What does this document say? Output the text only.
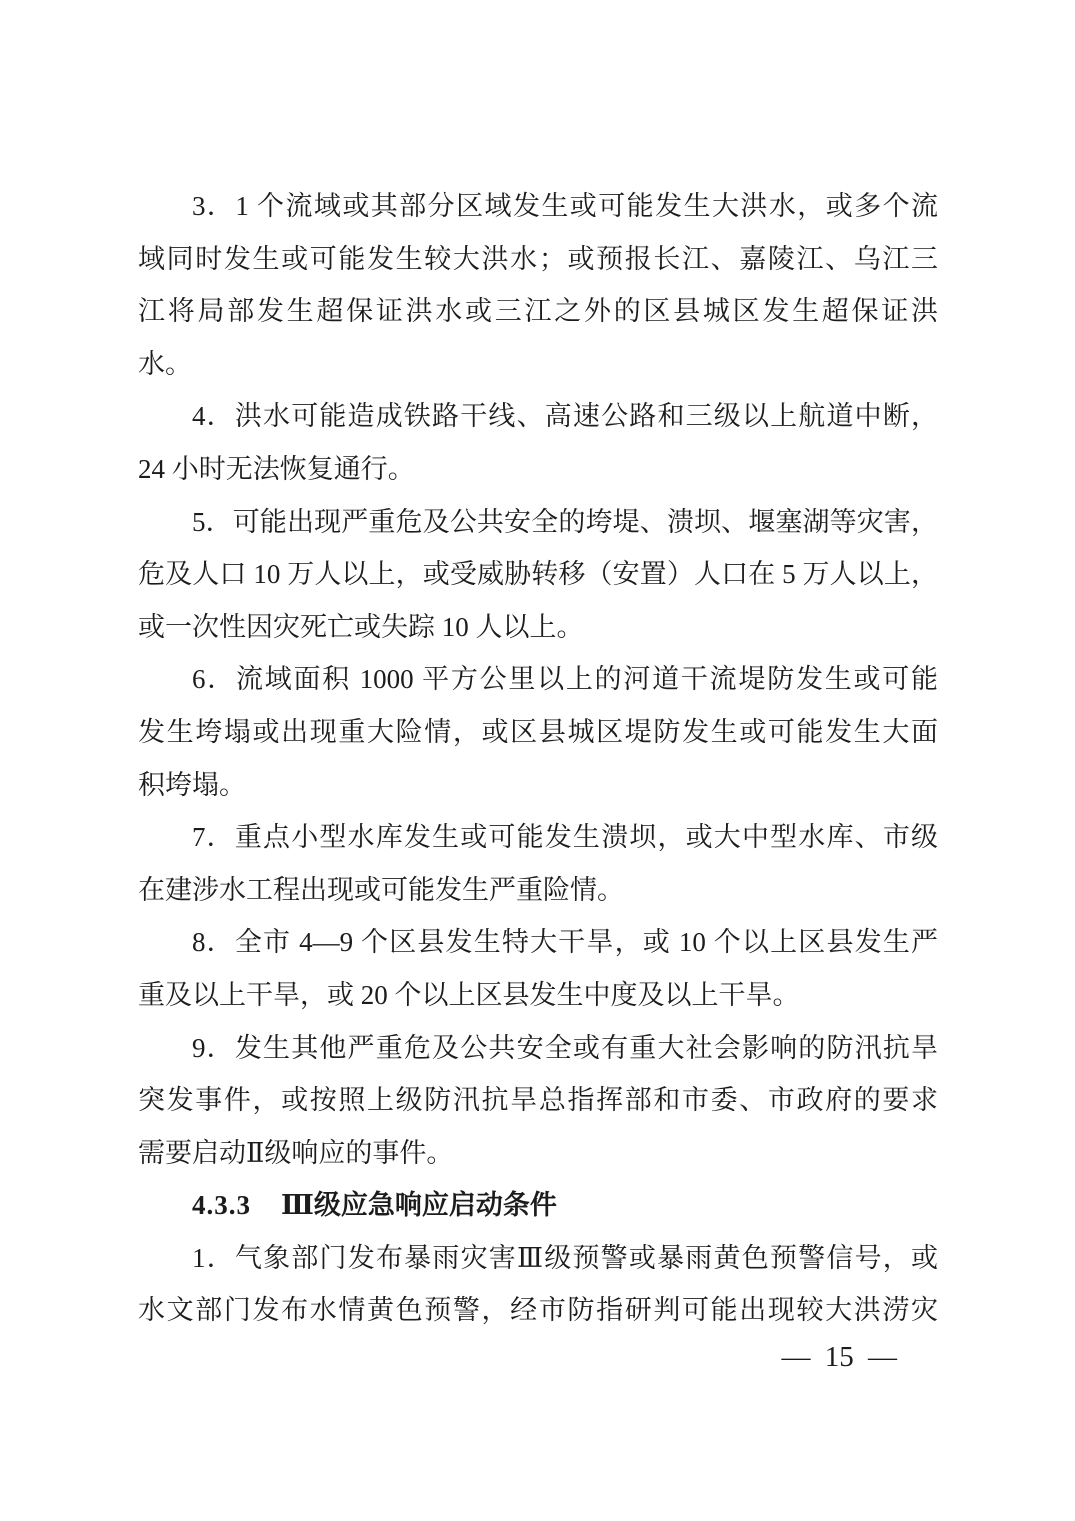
3．1 个流域或其部分区域发生或可能发生大洪水，或多个流
域同时发生或可能发生较大洪水；或预报长江、嘉陵江、乌江三
江将局部发生超保证洪水或三江之外的区县城区发生超保证洪
水。
4．洪水可能造成铁路干线、高速公路和三级以上航道中断，
24 小时无法恢复通行。
5．可能出现严重危及公共安全的垮堤、溃坝、堰塞湖等灾害，
危及人口 10 万人以上，或受威胁转移（安置）人口在 5 万人以上，
或一次性因灾死亡或失踪 10 人以上。
6．流域面积 1000 平方公里以上的河道干流堤防发生或可能
发生垮塌或出现重大险情，或区县城区堤防发生或可能发生大面
积垮塌。
7．重点小型水库发生或可能发生溃坝，或大中型水库、市级
在建涉水工程出现或可能发生严重险情。
8．全市 4—9 个区县发生特大干旱，或 10 个以上区县发生严
重及以上干旱，或 20 个以上区县发生中度及以上干旱。
9．发生其他严重危及公共安全或有重大社会影响的防汛抗旱
突发事件，或按照上级防汛抗旱总指挥部和市委、市政府的要求
需要启动Ⅱ级响应的事件。
4.3.3 Ⅲ级应急响应启动条件
1．气象部门发布暴雨灾害Ⅲ级预警或暴雨黄色预警信号，或
水文部门发布水情黄色预警，经市防指研判可能出现较大洪涝灾
— 15 —
